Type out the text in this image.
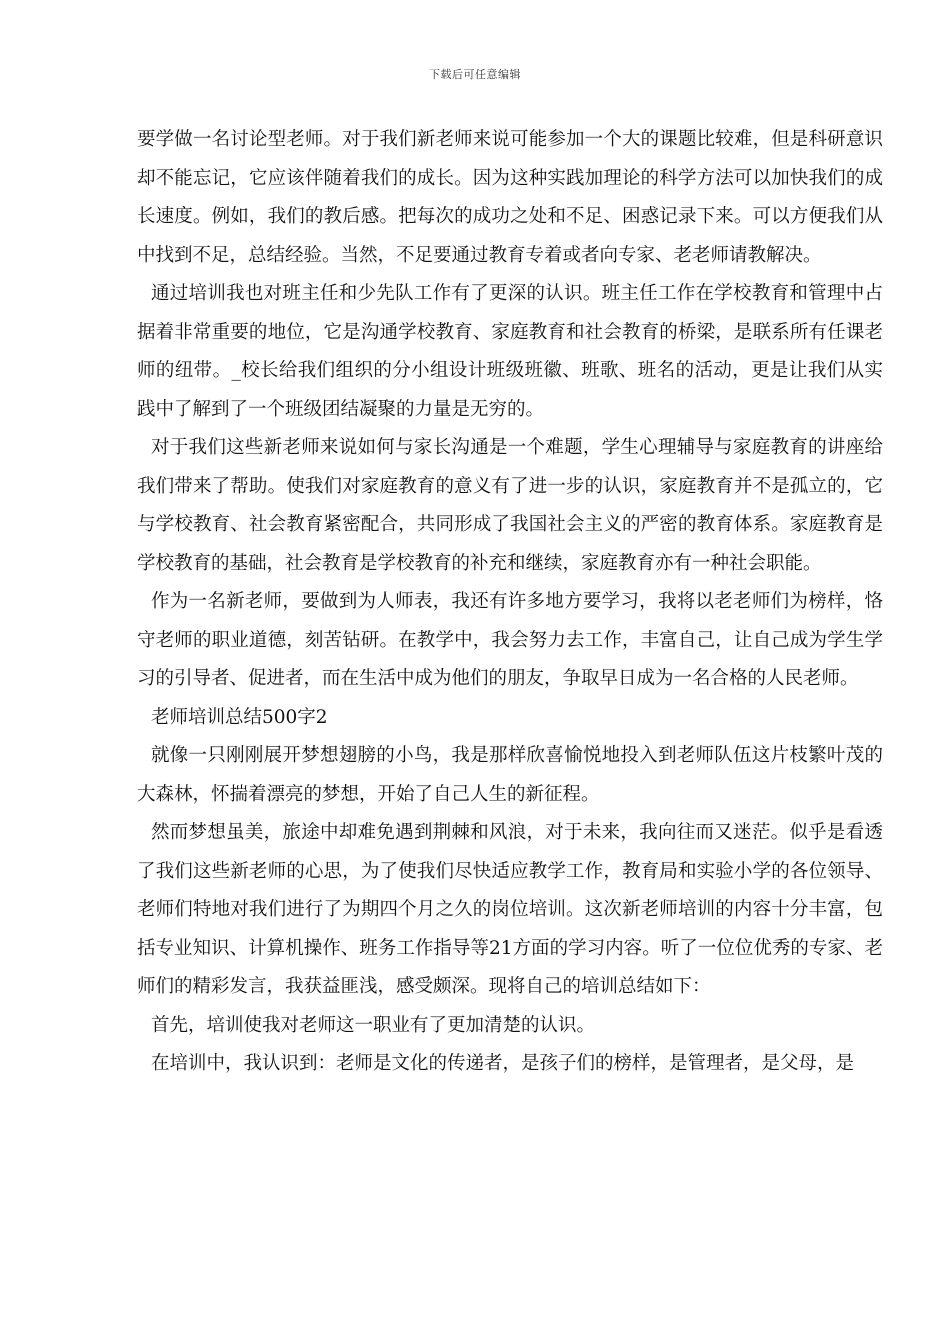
下载后可任意编辑

要学做一名讨论型老师。对于我们新老师来说可能参加一个大的课题比较难，但是科研意识却不能忘记，它应该伴随着我们的成长。因为这种实践加理论的科学方法可以加快我们的成长速度。例如，我们的教后感。把每次的成功之处和不足、困惑记录下来。可以方便我们从中找到不足，总结经验。当然，不足要通过教育专着或者向专家、老老师请教解决。

通过培训我也对班主任和少先队工作有了更深的认识。班主任工作在学校教育和管理中占据着非常重要的地位，它是沟通学校教育、家庭教育和社会教育的桥梁，是联系所有任课老师的纽带。_校长给我们组织的分小组设计班级班徽、班歌、班名的活动，更是让我们从实践中了解到了一个班级团结凝聚的力量是无穷的。

对于我们这些新老师来说如何与家长沟通是一个难题，学生心理辅导与家庭教育的讲座给我们带来了帮助。使我们对家庭教育的意义有了进一步的认识，家庭教育并不是孤立的，它与学校教育、社会教育紧密配合，共同形成了我国社会主义的严密的教育体系。家庭教育是学校教育的基础，社会教育是学校教育的补充和继续，家庭教育亦有一种社会职能。

作为一名新老师，要做到为人师表，我还有许多地方要学习，我将以老老师们为榜样，恪守老师的职业道德，刻苦钻研。在教学中，我会努力去工作，丰富自己，让自己成为学生学习的引导者、促进者，而在生活中成为他们的朋友，争取早日成为一名合格的人民老师。

老师培训总结500字2

就像一只刚刚展开梦想翅膀的小鸟，我是那样欣喜愉悦地投入到老师队伍这片枝繁叶茂的大森林，怀揣着漂亮的梦想，开始了自己人生的新征程。

然而梦想虽美，旅途中却难免遇到荆棘和风浪，对于未来，我向往而又迷茫。似乎是看透了我们这些新老师的心思，为了使我们尽快适应教学工作，教育局和实验小学的各位领导、老师们特地对我们进行了为期四个月之久的岗位培训。这次新老师培训的内容十分丰富，包括专业知识、计算机操作、班务工作指导等21方面的学习内容。听了一位位优秀的专家、老师们的精彩发言，我获益匪浅，感受颇深。现将自己的培训总结如下：

首先，培训使我对老师这一职业有了更加清楚的认识。

在培训中，我认识到：老师是文化的传递者，是孩子们的榜样，是管理者，是父母，是
